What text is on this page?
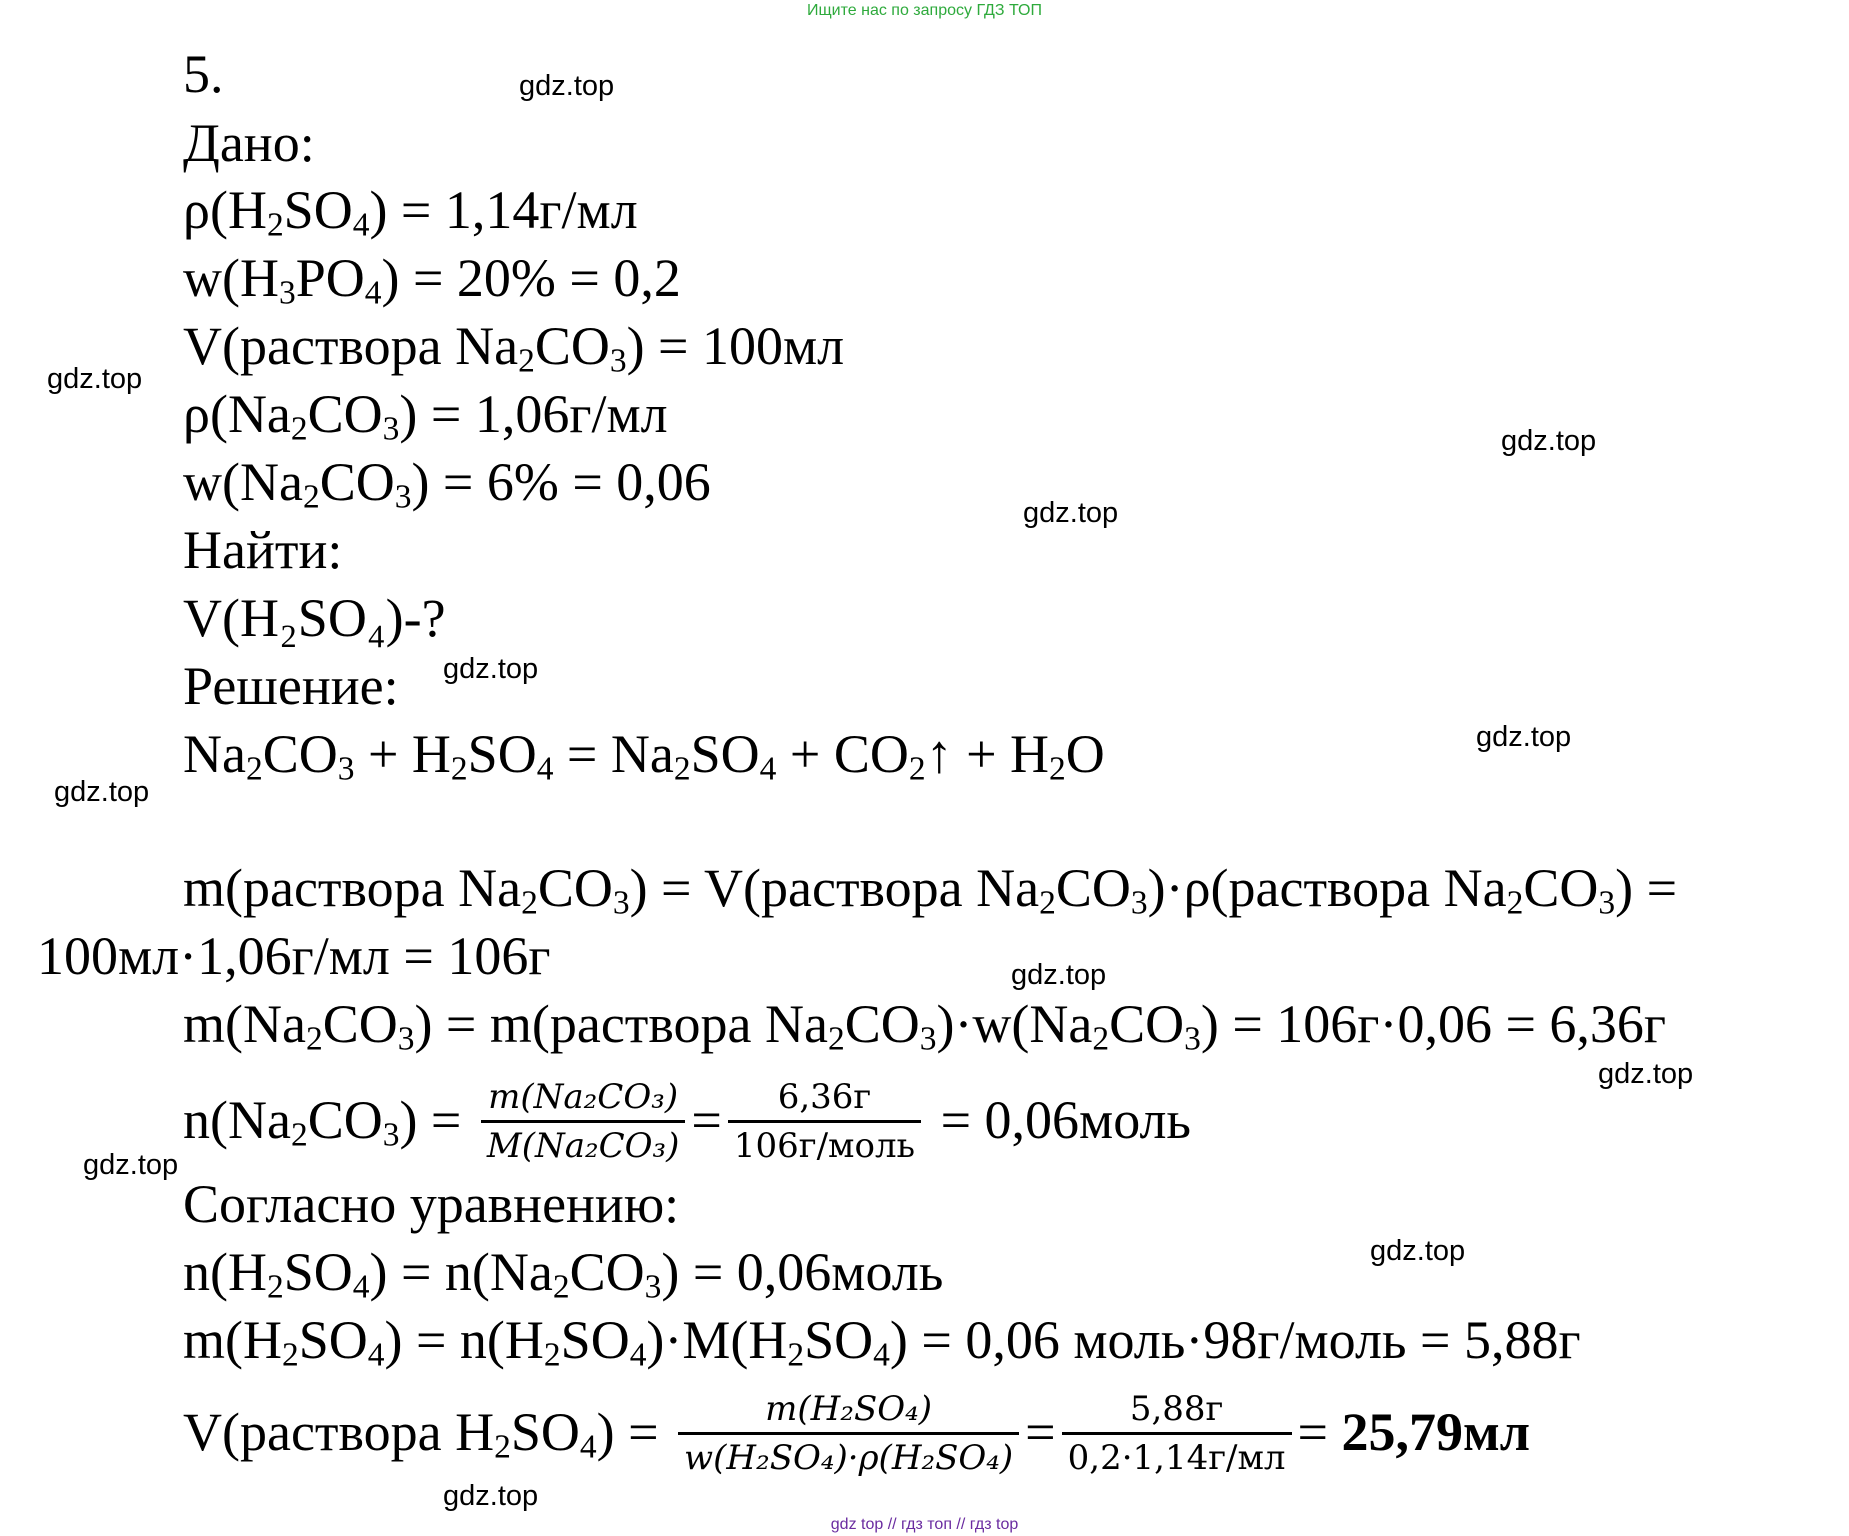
Ищите нас по запросу ГДЗ ТОП
gdz.top
gdz.top
gdz.top
gdz.top
gdz.top
gdz.top
gdz.top
gdz.top
gdz.top
gdz.top
gdz.top
gdz.top
5.
Дано:
$\rho(H_2SO_4) = 1,14г/мл$
$w(H_3PO_4) = 20\% = 0,2$
V(раствора $Na_2CO_3) = 100мл$
$\rho(Na_2CO_3) = 1,06г/мл$
$w(Na_2CO_3) = 6\% = 0,06$
Найти:
V(H₂SO₄)-?
Решение:
$Na_2CO_3 + H_2SO_4 = Na_2SO_4$ + $CO_2↑ + H_2O$
m(раствора $Na_2CO_3$) = V(раствора $Na_2CO_3)\cdot\rho(раствора$ $Na_2CO_3$) =
100мл·1,06г/мл = 106г
$m(Na_2CO_3)$ = m(раствора $Na_2CO_3)\cdot w(Na_2CO_3) = 106г\cdot 0,06 = 6,36г$
$n(Na_2CO_3) = \frac{\text{m(Na₂CO₃)}}{\text{M(Na₂CO₃)}} = \frac{6,36г}{\text{106г/моль}}$ = 0,06моль
Согласно уравнению:
$n(H_2SO_4) = n(Na_2CO_3)$ = 0,06моль
$m(H_2SO_4) = n(H_2SO_4)\cdot M(H_2SO_4) = 0,06$ моль·98г/моль = 5,88г
V(раствора $H_2SO_4) = \frac{\text{m(H₂SO₄)}}{\text{w(H₂SO₄)·ρ(H₂SO₄)}} = \frac{5,88г}{0,2\cdot 1,14г/мл} = 25,79мл$
gdz top // гдз топ // гдз top
